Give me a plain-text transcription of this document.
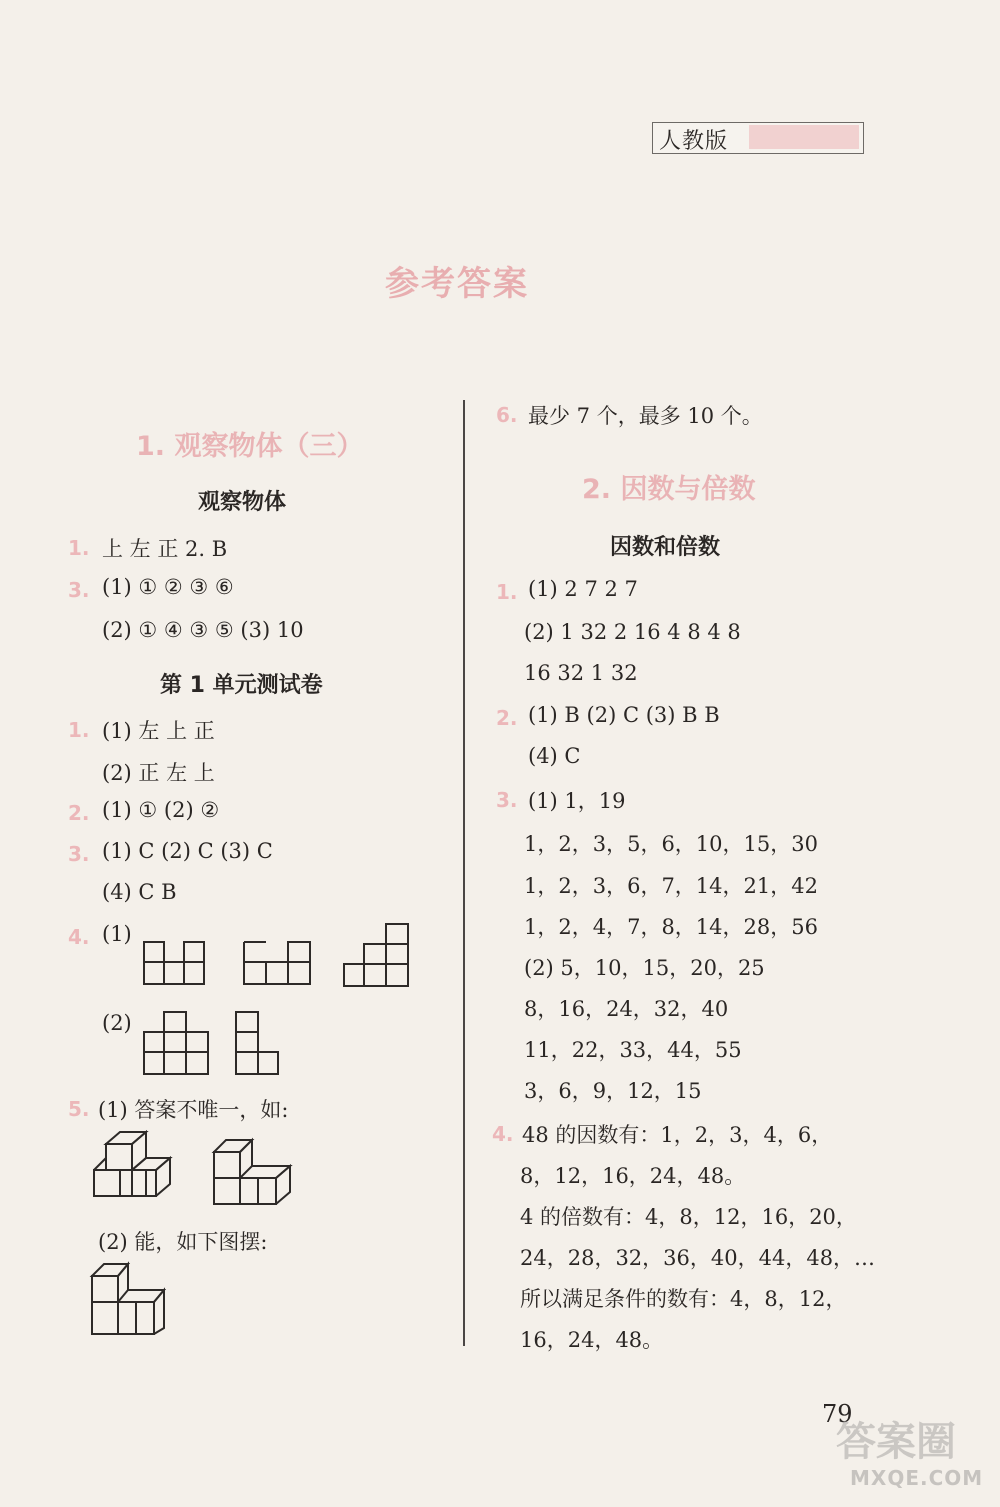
人教版
参考答案
1. 观察物体（三）
观察物体
1. 上 左 正 2. B
3. (1) ① ② ③ ⑥
(2) ① ④ ③ ⑤ (3) 10
第 1 单元测试卷
1. (1) 左 上 正
(2) 正 左 上
2. (1) ① (2) ②
3. (1) C (2) C (3) C
(4) C B
4. (1)
(2)
5. (1) 答案不唯一，如:
(2) 能，如下图摆:
6. 最少 7 个，最多 10 个。
2. 因数与倍数
因数和倍数
1. (1) 2 7 2 7
(2) 1 32 2 16 4 8 4 8
16 32 1 32
2. (1) B (2) C (3) B B
(4) C
3. (1) 1，19
1，2，3，5，6，10，15，30
1，2，3，6，7，14，21，42
1，2，4，7，8，14，28，56
(2) 5，10，15，20，25
8，16，24，32，40
11，22，33，44，55
3，6，9，12，15
4. 48 的因数有：1，2，3，4，6，
8，12，16，24，48。
4 的倍数有：4，8，12，16，20，
24，28，32，36，40，44，48，…
所以满足条件的数有：4，8，12，
16，24，48。
79
答案圈
MXQE.COM
